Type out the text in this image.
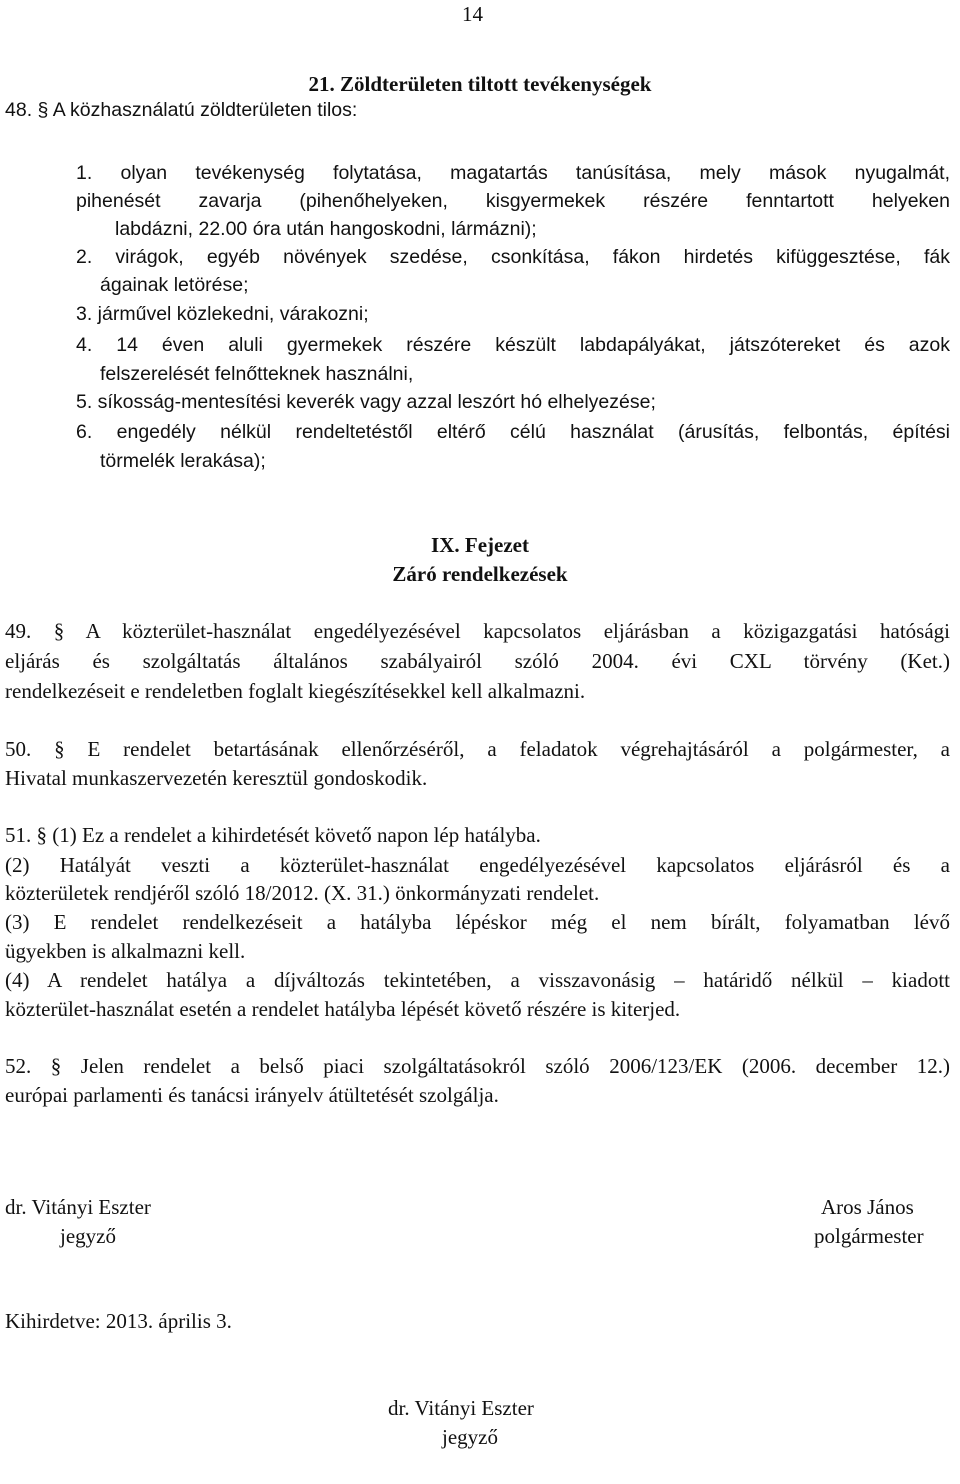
14
21. Zöldterületen tiltott tevékenységek
48. § A közhasználatú zöldterületen tilos:
1. olyan tevékenység folytatása, magatartás tanúsítása, mely mások nyugalmát,
pihenését zavarja (pihenőhelyeken, kisgyermekek részére fenntartott helyeken
labdázni, 22.00 óra után hangoskodni, lármázni);
2. virágok, egyéb növények szedése, csonkítása, fákon hirdetés kifüggesztése, fák
ágainak letörése;
3. járművel közlekedni, várakozni;
4. 14 éven aluli gyermekek részére készült labdapályákat, játszótereket és azok
felszerelését felnőtteknek használni,
5. síkosság-mentesítési keverék vagy azzal leszórt hó elhelyezése;
6. engedély nélkül rendeltetéstől eltérő célú használat (árusítás, felbontás, építési
törmelék lerakása);
IX. Fejezet
Záró rendelkezések
49. § A közterület-használat engedélyezésével kapcsolatos eljárásban a közigazgatási hatósági
eljárás és szolgáltatás általános szabályairól szóló 2004. évi CXL törvény (Ket.)
rendelkezéseit e rendeletben foglalt kiegészítésekkel kell alkalmazni.
50. § E rendelet betartásának ellenőrzéséről, a feladatok végrehajtásáról a polgármester, a
Hivatal munkaszervezetén keresztül gondoskodik.
51. § (1) Ez a rendelet a kihirdetését követő napon lép hatályba.
(2) Hatályát veszti a közterület-használat engedélyezésével kapcsolatos eljárásról és a
közterületek rendjéről szóló 18/2012. (X. 31.) önkormányzati rendelet.
(3) E rendelet rendelkezéseit a hatályba lépéskor még el nem bírált, folyamatban lévő
ügyekben is alkalmazni kell.
(4) A rendelet hatálya a díjváltozás tekintetében, a visszavonásig – határidő nélkül – kiadott
közterület-használat esetén a rendelet hatályba lépését követő részére is kiterjed.
52. § Jelen rendelet a belső piaci szolgáltatásokról szóló 2006/123/EK (2006. december 12.)
európai parlamenti és tanácsi irányelv átültetését szolgálja.
dr. Vitányi Eszter
jegyző
Aros János
polgármester
Kihirdetve: 2013. április 3.
dr. Vitányi Eszter
jegyző
